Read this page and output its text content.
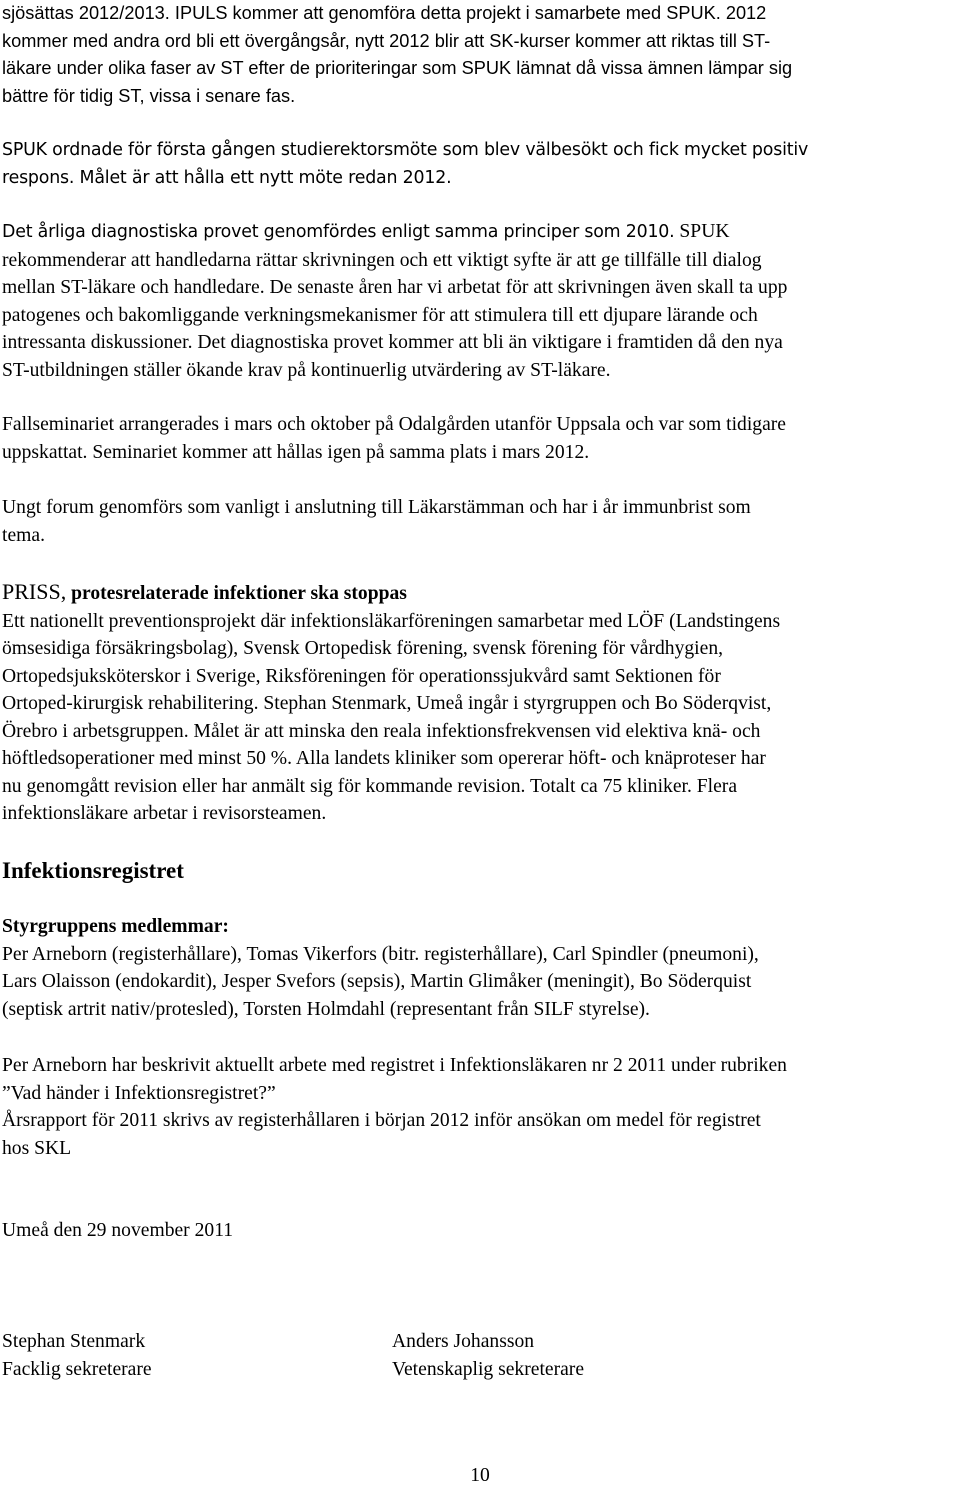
sjösättas 2012/2013. IPULS kommer att genomföra detta projekt i samarbete med SPUK. 2012
kommer med andra ord bli ett övergångsår, nytt 2012 blir att SK-kurser kommer att riktas till ST-
läkare under olika faser av ST efter de prioriteringar som SPUK lämnat då vissa ämnen lämpar sig
bättre för tidig ST, vissa i senare fas.

SPUK ordnade för första gången studierektorsmöte som blev välbesökt och fick mycket positiv
respons. Målet är att hålla ett nytt möte redan 2012.

Det årliga diagnostiska provet genomfördes enligt samma principer som 2010. SPUK
rekommenderar att handledarna rättar skrivningen och ett viktigt syfte är att ge tillfälle till dialog
mellan ST-läkare och handledare. De senaste åren har vi arbetat för att skrivningen även skall ta upp
patogenes och bakomliggande verkningsmekanismer för att stimulera till ett djupare lärande och
intressanta diskussioner. Det diagnostiska provet kommer att bli än viktigare i framtiden då den nya
ST-utbildningen ställer ökande krav på kontinuerlig utvärdering av ST-läkare.

Fallseminariet arrangerades i mars och oktober på Odalgården utanför Uppsala och var som tidigare
uppskattat. Seminariet kommer att hållas igen på samma plats i mars 2012.

Ungt forum genomförs som vanligt i anslutning till Läkarstämman och har i år immunbrist som
tema.

PRISS, protesrelaterade infektioner ska stoppas
Ett nationellt preventionsprojekt där infektionsläkarföreningen samarbetar med LÖF (Landstingens
ömsesidiga försäkringsbolag), Svensk Ortopedisk förening, svensk förening för vårdhygien,
Ortopedsjuksköterskor i Sverige, Riksföreningen för operationssjukvård samt Sektionen för
Ortoped-kirurgisk rehabilitering. Stephan Stenmark, Umeå ingår i styrgruppen och Bo Söderqvist,
Örebro i arbetsgruppen. Målet är att minska den reala infektionsfrekvensen vid elektiva knä- och
höftledsoperationer med minst 50 %. Alla landets kliniker som opererar höft- och knäproteser har
nu genomgått revision eller har anmält sig för kommande revision. Totalt ca 75 kliniker. Flera
infektionsläkare arbetar i revisorsteamen.

Infektionsregistret

Styrgruppens medlemmar:
Per Arneborn (registerhållare), Tomas Vikerfors (bitr. registerhållare), Carl Spindler (pneumoni),
Lars Olaisson (endokardit), Jesper Svefors (sepsis), Martin Glimåker (meningit), Bo Söderquist
(septisk artrit nativ/protesled), Torsten Holmdahl (representant från SILF styrelse).

Per Arneborn har beskrivit aktuellt arbete med registret i Infektionsläkaren nr 2 2011 under rubriken
”Vad händer i Infektionsregistret?”
Årsrapport för 2011 skrivs av registerhållaren i början 2012 inför ansökan om medel för registret
hos SKL

Umeå den 29 november 2011

Stephan Stenmark
Facklig sekreterare

Anders Johansson
Vetenskaplig sekreterare

10
